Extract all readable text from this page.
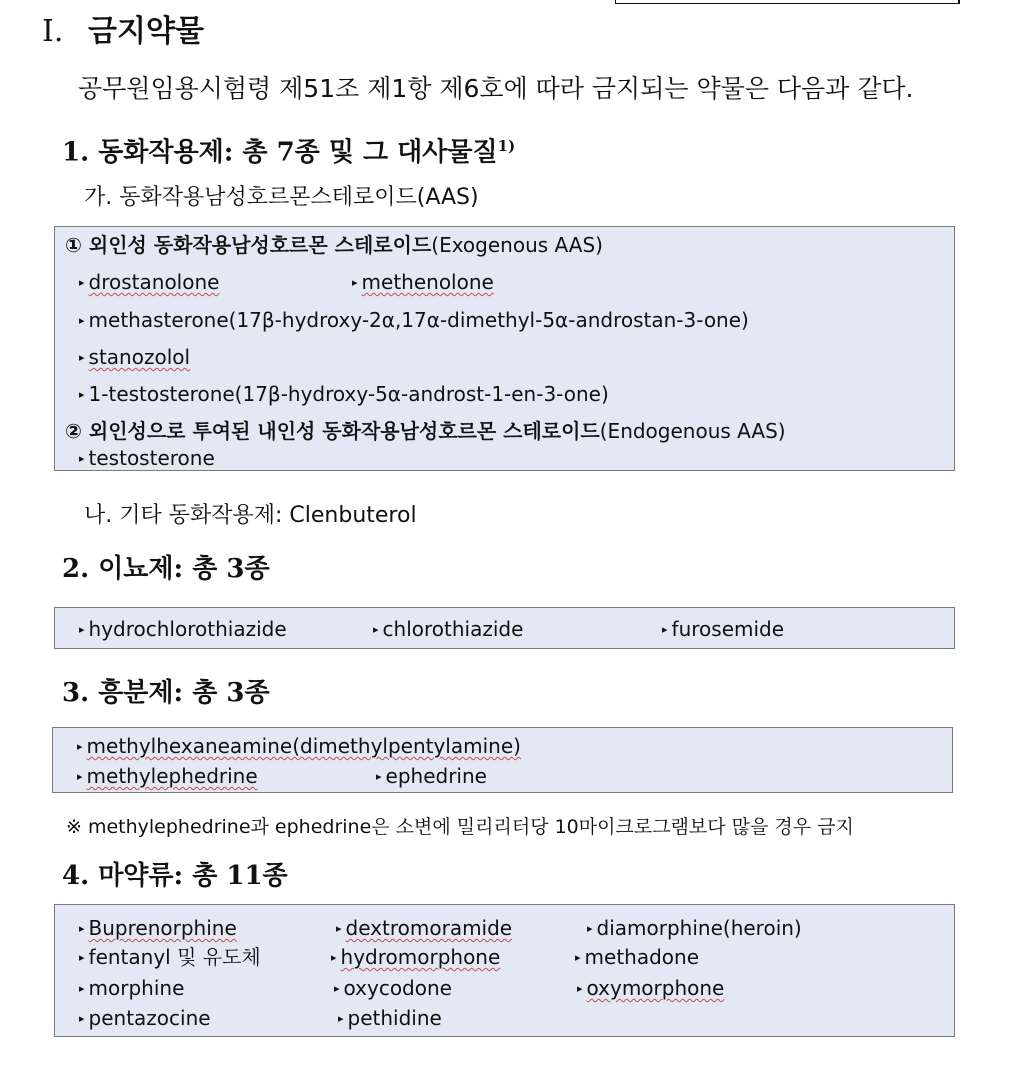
Ⅰ. 금지약물
공무원임용시험령 제51조 제1항 제6호에 따라 금지되는 약물은 다음과 같다.
1. 동화작용제: 총 7종 및 그 대사물질$^{1)}$
가. 동화작용남성호르몬스테로이드(AAS)
① 외인성 동화작용남성호르몬 스테로이드(Exogenous AAS)
▸ drostanolone	▸ methenolone
▸ methasterone(17β-hydroxy-2α,17α-dimethyl-5α-androstan-3-one)
▸ stanozolol
▸ 1-testosterone(17β-hydroxy-5α-androst-1-en-3-one)
② 외인성으로 투여된 내인성 동화작용남성호르몬 스테로이드(Endogenous AAS)
▸ testosterone
나. 기타 동화작용제: Clenbuterol
2. 이뇨제: 총 3종
▸ hydrochlorothiazide	▸ chlorothiazide	▸ furosemide
3. 흥분제: 총 3종
▸ methylhexaneamine(dimethylpentylamine)
▸ methylephedrine	▸ ephedrine
※ methylephedrine과 ephedrine은 소변에 밀리리터당 10마이크로그램보다 많을 경우 금지
4. 마약류: 총 11종
▸ Buprenorphine	▸ dextromoramide	▸ diamorphine(heroin)
▸ fentanyl 및 유도체	▸ hydromorphone	▸ methadone
▸ morphine	▸ oxycodone	▸ oxymorphone
▸ pentazocine	▸ pethidine
